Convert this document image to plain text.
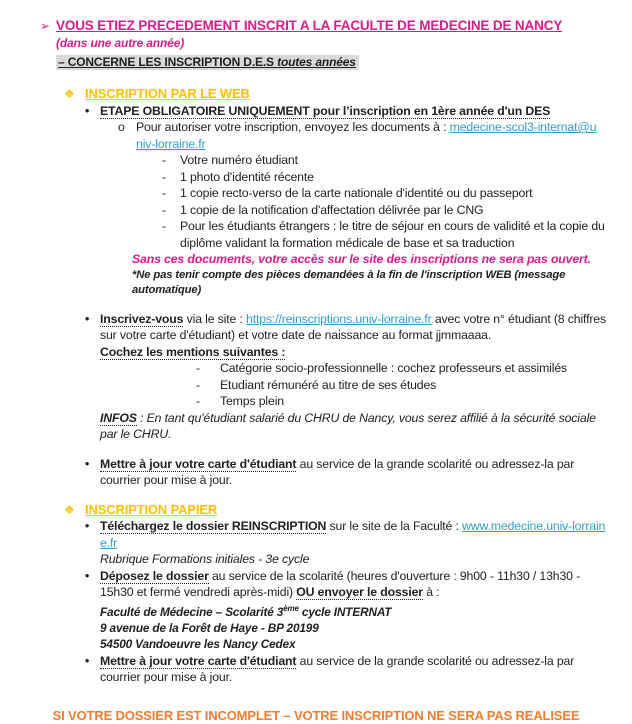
➢ VOUS ETIEZ PRECEDEMENT INSCRIT A LA FACULTE DE MEDECINE DE NANCY
(dans une autre année)
– CONCERNE LES INSCRIPTION D.E.S toutes années
❖ INSCRIPTION PAR LE WEB
• ETAPE OBLIGATOIRE UNIQUEMENT pour l’inscription en 1ère année d'un DES
o Pour autoriser votre inscription, envoyez les documents à : medecine-scol3-internat@univ-lorraine.fr
-	Votre numéro étudiant
-	1 photo d'identité récente
-	1 copie recto-verso de la carte nationale d'identité ou du passeport
-	1 copie de la notification d'affectation délivrée par le CNG
-	Pour les étudiants étrangers : le titre de séjour en cours de validité et la copie du diplôme validant la formation médicale de base et sa traduction
Sans ces documents, votre accès sur le site des inscriptions ne sera pas ouvert.
*Ne pas tenir compte des pièces demandées à la fin de l'inscription WEB (message automatique)
• Inscrivez-vous via le site : https://reinscriptions.univ-lorraine.fr avec votre n° étudiant (8 chiffres sur votre carte d'étudiant) et votre date de naissance au format jjmmaaaa.
Cochez les mentions suivantes :
-	Catégorie socio-professionnelle : cochez professeurs et assimilés
-	Etudiant rémunéré au titre de ses études
-	Temps plein
INFOS : En tant qu'étudiant salarié du CHRU de Nancy, vous serez affilié à la sécurité sociale par le CHRU.
• Mettre à jour votre carte d'étudiant au service de la grande scolarité ou adressez-la par courrier pour mise à jour.
❖ INSCRIPTION PAPIER
• Téléchargez le dossier REINSCRIPTION sur le site de la Faculté : www.medecine.univ-lorraine.fr
Rubrique Formations initiales - 3e cycle
• Déposez le dossier au service de la scolarité (heures d'ouverture : 9h00 - 11h30 / 13h30 - 15h30 et fermé vendredi après-midi) OU envoyer le dossier à :
Faculté de Médecine – Scolarité 3ème cycle INTERNAT
9 avenue de la Forêt de Haye - BP 20199
54500 Vandoeuvre les Nancy Cedex
• Mettre à jour votre carte d'étudiant au service de la grande scolarité ou adressez-la par courrier pour mise à jour.
SI VOTRE DOSSIER EST INCOMPLET – VOTRE INSCRIPTION NE SERA PAS REALISEE
